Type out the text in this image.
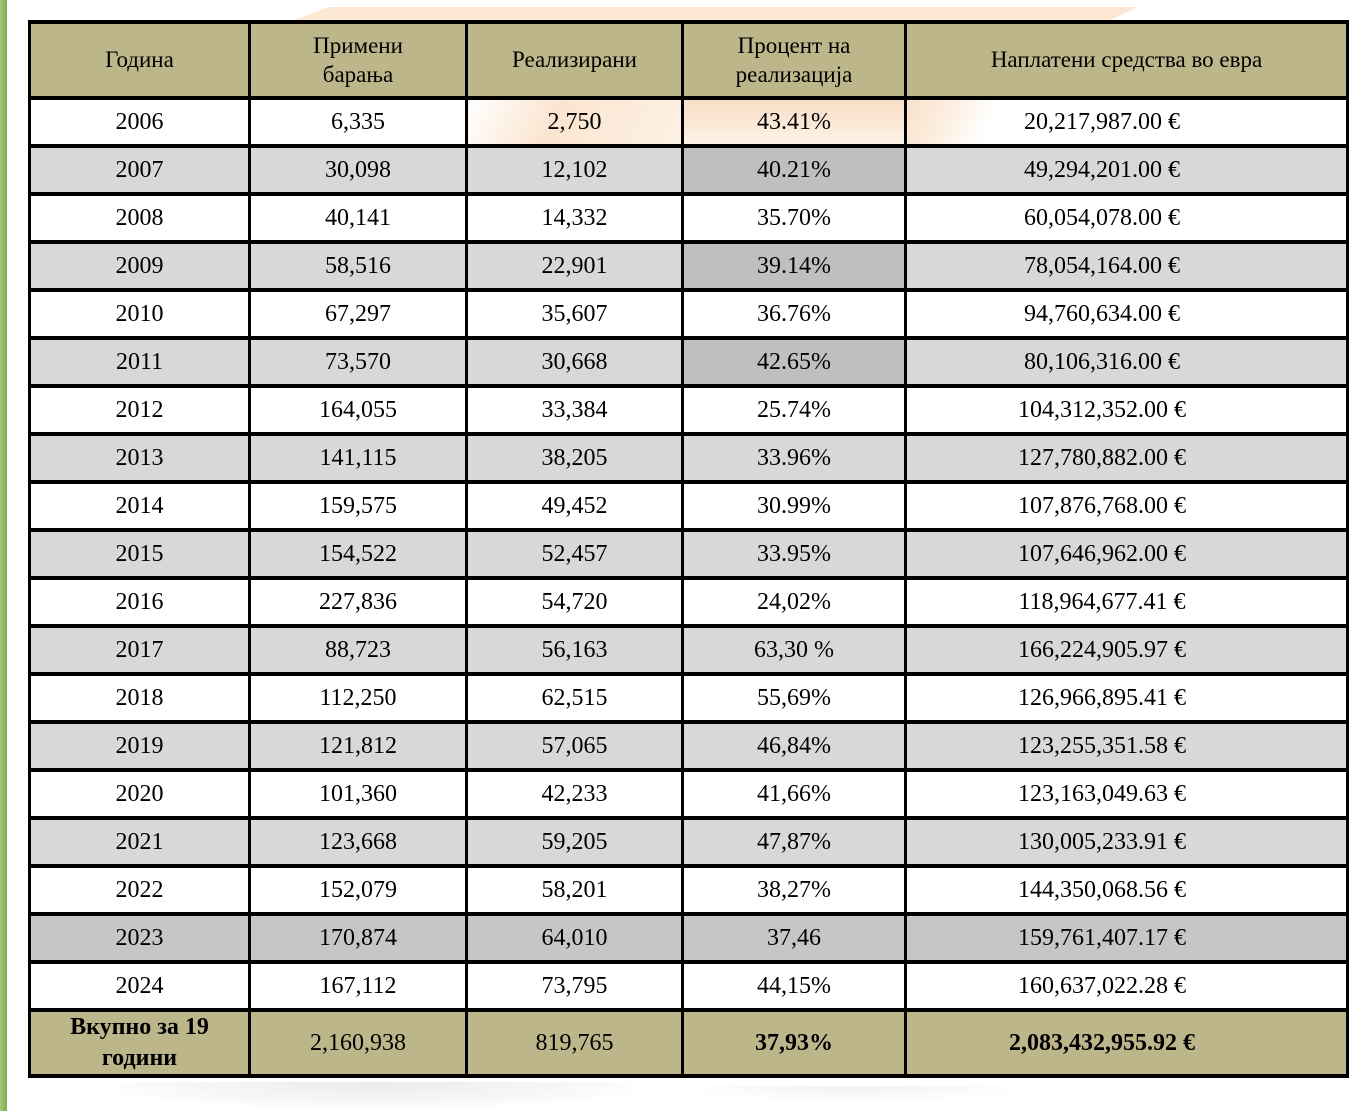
Година	Примени барања	Реализирани	Процент на реализација	Наплатени средства во евра
2006	6,335	2,750	43.41%	20,217,987.00 €
2007	30,098	12,102	40.21%	49,294,201.00 €
2008	40,141	14,332	35.70%	60,054,078.00 €
2009	58,516	22,901	39.14%	78,054,164.00 €
2010	67,297	35,607	36.76%	94,760,634.00 €
2011	73,570	30,668	42.65%	80,106,316.00 €
2012	164,055	33,384	25.74%	104,312,352.00 €
2013	141,115	38,205	33.96%	127,780,882.00 €
2014	159,575	49,452	30.99%	107,876,768.00 €
2015	154,522	52,457	33.95%	107,646,962.00 €
2016	227,836	54,720	24,02%	118,964,677.41 €
2017	88,723	56,163	63,30 %	166,224,905.97 €
2018	112,250	62,515	55,69%	126,966,895.41 €
2019	121,812	57,065	46,84%	123,255,351.58 €
2020	101,360	42,233	41,66%	123,163,049.63 €
2021	123,668	59,205	47,87%	130,005,233.91 €
2022	152,079	58,201	38,27%	144,350,068.56 €
2023	170,874	64,010	37,46	159,761,407.17 €
2024	167,112	73,795	44,15%	160,637,022.28 €
Вкупно за 19 години	2,160,938	819,765	37,93%	2,083,432,955.92 €
